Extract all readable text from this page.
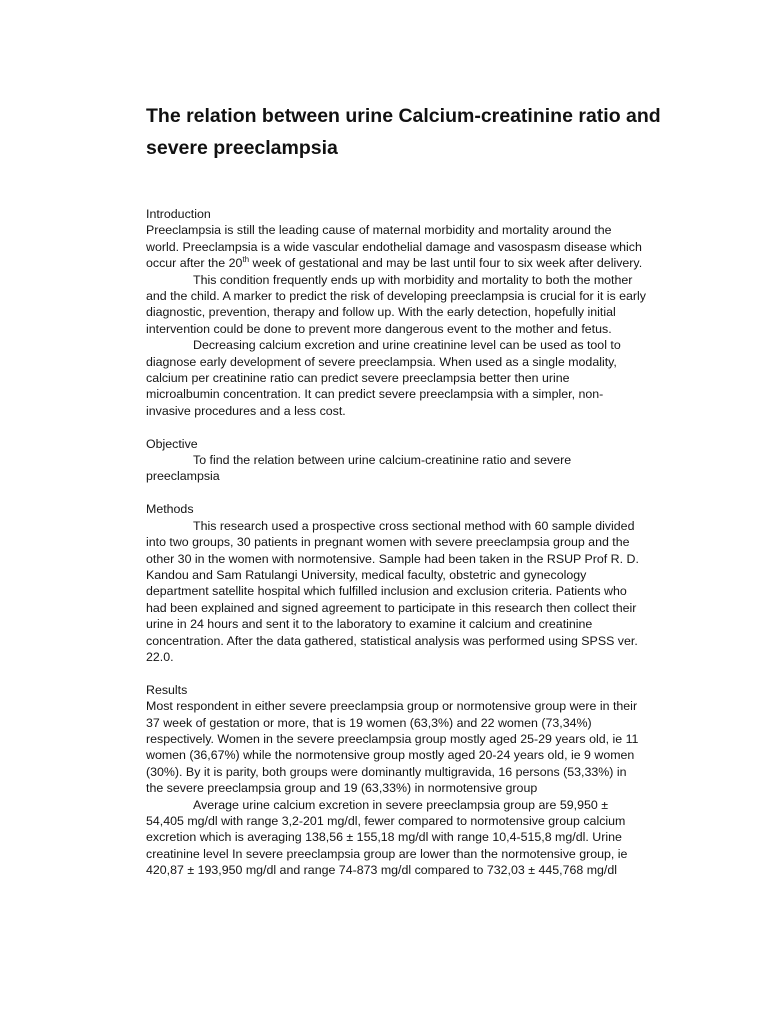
The relation between urine Calcium-creatinine ratio and severe preeclampsia
Introduction

Preeclampsia is still the leading cause of maternal morbidity and mortality around the world. Preeclampsia is a wide vascular endothelial damage and vasospasm disease which occur after the 20th week of gestational and may be last until four to six week after delivery.

This condition frequently ends up with morbidity and mortality to both the mother and the child. A marker to predict the risk of developing preeclampsia is crucial for it is early diagnostic, prevention, therapy and follow up. With the early detection, hopefully initial intervention could be done to prevent more dangerous event to the mother and fetus.

Decreasing calcium excretion and urine creatinine level can be used as tool to diagnose early development of severe preeclampsia. When used as a single modality, calcium per creatinine ratio can predict severe preeclampsia better then urine microalbumin concentration. It can predict severe preeclampsia with a simpler, non-invasive procedures and a less cost.

Objective

To find the relation between urine calcium-creatinine ratio and severe preeclampsia

Methods

This research used a prospective cross sectional method with 60 sample divided into two groups, 30 patients in pregnant women with severe preeclampsia group and the other 30 in the women with normotensive. Sample had been taken in the RSUP Prof R. D. Kandou and Sam Ratulangi University, medical faculty, obstetric and gynecology department satellite hospital which fulfilled inclusion and exclusion criteria. Patients who had been explained and signed agreement to participate in this research then collect their urine in 24 hours and sent it to the laboratory to examine it calcium and creatinine concentration. After the data gathered, statistical analysis was performed using SPSS ver. 22.0.

Results

Most respondent in either severe preeclampsia group or normotensive group were in their 37 week of gestation or more, that is 19 women (63,3%) and 22 women (73,34%) respectively. Women in the severe preeclampsia group mostly aged 25-29 years old, ie 11 women (36,67%) while the normotensive group mostly aged 20-24 years old, ie 9 women (30%). By it is parity, both groups were dominantly multigravida, 16 persons (53,33%) in the severe preeclampsia group and 19 (63,33%) in normotensive group

Average urine calcium excretion in severe preeclampsia group are 59,950 ± 54,405 mg/dl with range 3,2-201 mg/dl, fewer compared to normotensive group calcium excretion which is averaging 138,56 ± 155,18 mg/dl with range 10,4-515,8 mg/dl. Urine creatinine level In severe preeclampsia group are lower than the normotensive group, ie 420,87 ± 193,950 mg/dl and range 74-873 mg/dl compared to 732,03 ± 445,768 mg/dl
